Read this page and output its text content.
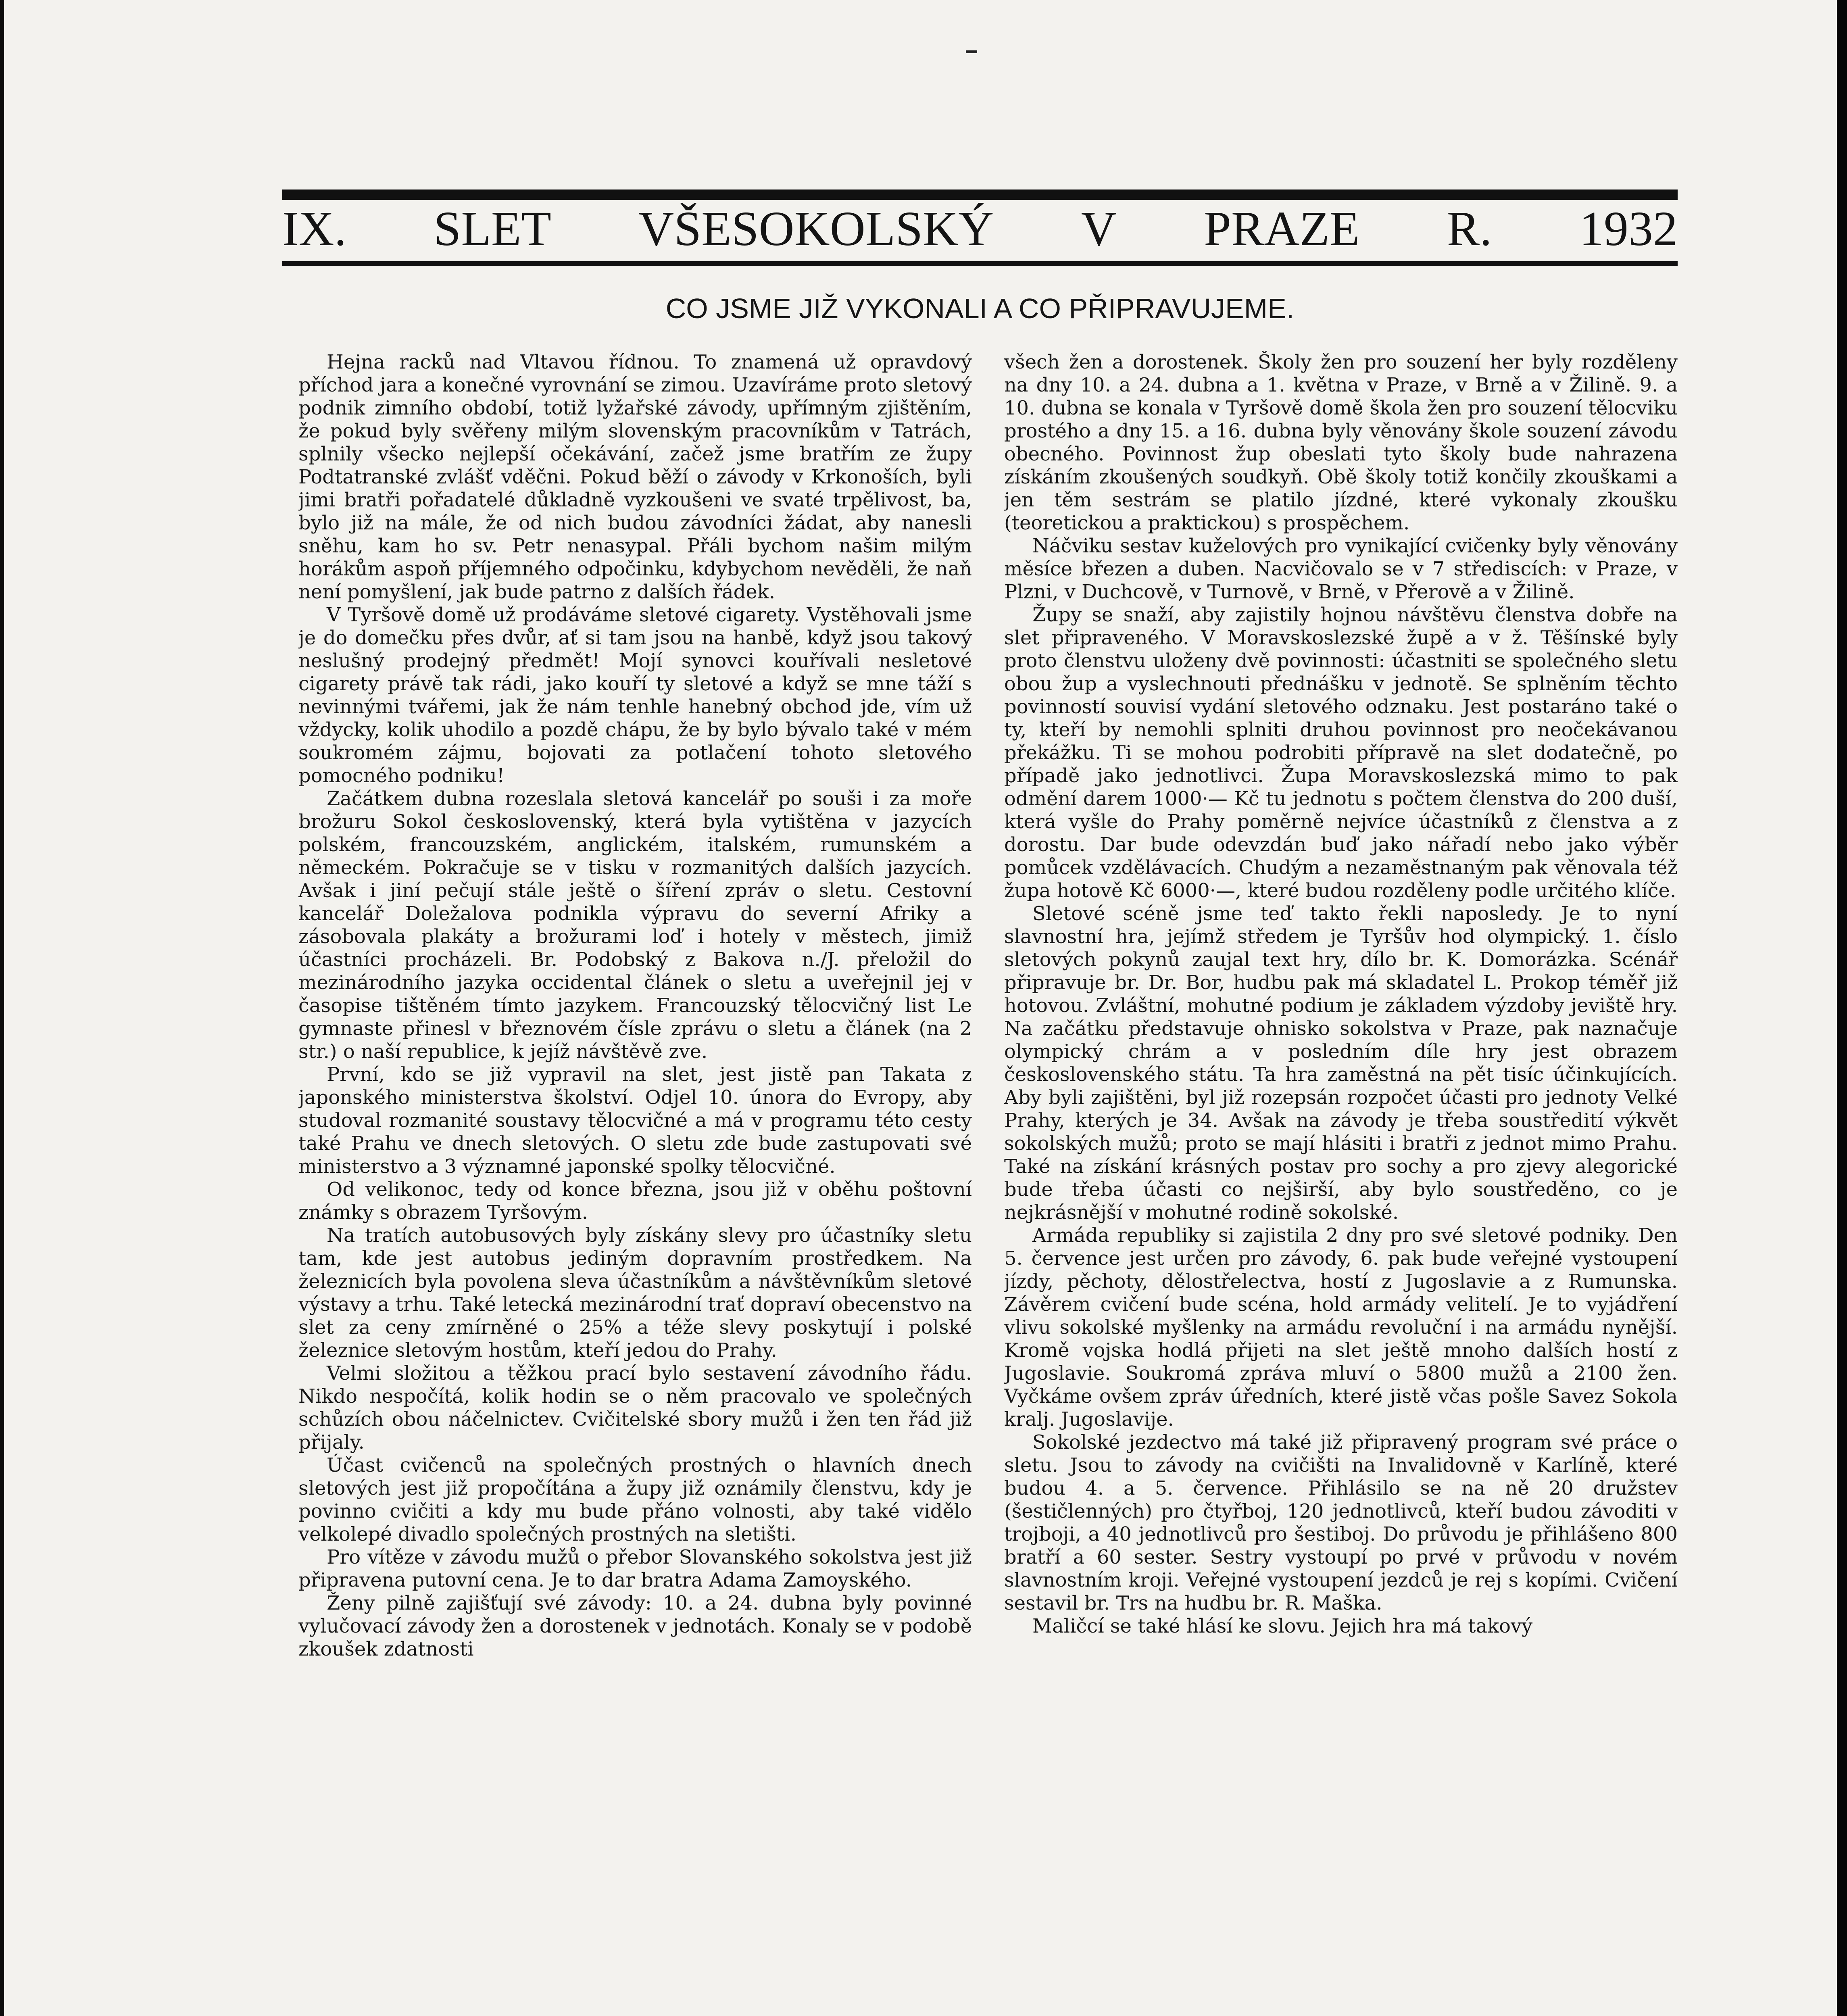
IX. SLET VŠESOKOLSKÝ V PRAZE R. 1932
CO JSME JIŽ VYKONALI A CO PŘIPRAVUJEME.

Hejna racků nad Vltavou řídnou. To znamená už opravdový příchod jara a konečné vyrovnání se zimou. Uzavíráme proto sletový podnik zimního období, totiž lyžařské závody, upřímným zjištěním, že pokud byly svěřeny milým slovenským pracovníkům v Tatrách, splnily všecko nejlepší očekávání, začež jsme bratřím ze župy Podtatranské zvlášť vděčni. Pokud běží o závody v Krkonoších, byli jimi bratři pořadatelé důkladně vyzkoušeni ve svaté trpělivost, ba, bylo již na mále, že od nich budou závodníci žádat, aby nanesli sněhu, kam ho sv. Petr nenasypal. Přáli bychom našim milým horákům aspoň příjemného odpočinku, kdybychom nevěděli, že naň není pomyšlení, jak bude patrno z dalších řádek.

V Tyršově domě už prodáváme sletové cigarety. Vystěhovali jsme je do domečku přes dvůr, ať si tam jsou na hanbě, když jsou takový neslušný prodejný předmět! Mojí synovci kouřívali nesletové cigarety právě tak rádi, jako kouří ty sletové a když se mne táží s nevinnými tvářemi, jak že nám tenhle hanebný obchod jde, vím už vždycky, kolik uhodilo a pozdě chápu, že by bylo bývalo také v mém soukromém zájmu, bojovati za potlačení tohoto sletového pomocného podniku!

Začátkem dubna rozeslala sletová kancelář po souši i za moře brožuru Sokol československý, která byla vytištěna v jazycích polském, francouzském, anglickém, italském, rumunském a německém. Pokračuje se v tisku v rozmanitých dalších jazycích. Avšak i jiní pečují stále ještě o šíření zpráv o sletu. Cestovní kancelář Doležalova podnikla výpravu do severní Afriky a zásobovala plakáty a brožurami loď i hotely v městech, jimiž účastníci procházeli. Br. Podobský z Bakova n./J. přeložil do mezinárodního jazyka occidental článek o sletu a uveřejnil jej v časopise tištěném tímto jazykem. Francouzský tělocvičný list Le gymnaste přinesl v březnovém čísle zprávu o sletu a článek (na 2 str.) o naší republice, k jejíž návštěvě zve.

První, kdo se již vypravil na slet, jest jistě pan Takata z japonského ministerstva školství. Odjel 10. února do Evropy, aby studoval rozmanité soustavy tělocvičné a má v programu této cesty také Prahu ve dnech sletových. O sletu zde bude zastupovati své ministerstvo a 3 významné japonské spolky tělocvičné.

Od velikonoc, tedy od konce března, jsou již v oběhu poštovní známky s obrazem Tyršovým.

Na tratích autobusových byly získány slevy pro účastníky sletu tam, kde jest autobus jediným dopravním prostředkem. Na železnicích byla povolena sleva účastníkům a návštěvníkům sletové výstavy a trhu. Také letecká mezinárodní trať dopraví obecenstvo na slet za ceny zmírněné o 25% a téže slevy poskytují i polské železnice sletovým hostům, kteří jedou do Prahy.

Velmi složitou a těžkou prací bylo sestavení závodního řádu. Nikdo nespočítá, kolik hodin se o něm pracovalo ve společných schůzích obou náčelnictev. Cvičitelské sbory mužů i žen ten řád již přijaly.

Účast cvičenců na společných prostných o hlavních dnech sletových jest již propočítána a župy již oznámily členstvu, kdy je povinno cvičiti a kdy mu bude přáno volnosti, aby také vidělo velkolepé divadlo společných prostných na sletišti.

Pro vítěze v závodu mužů o přebor Slovanského sokolstva jest již připravena putovní cena. Je to dar bratra Adama Zamoyského.

Ženy pilně zajišťují své závody: 10. a 24. dubna byly povinné vylučovací závody žen a dorostenek v jednotách. Konaly se v podobě zkoušek zdatnosti

všech žen a dorostenek. Školy žen pro souzení her byly rozděleny na dny 10. a 24. dubna a 1. května v Praze, v Brně a v Žilině. 9. a 10. dubna se konala v Tyršově domě škola žen pro souzení tělocviku prostého a dny 15. a 16. dubna byly věnovány škole souzení závodu obecného. Povinnost žup obeslati tyto školy bude nahrazena získáním zkoušených soudkyň. Obě školy totiž končily zkouškami a jen těm sestrám se platilo jízdné, které vykonaly zkoušku (teoretickou a praktickou) s prospěchem.

Náčviku sestav kuželových pro vynikající cvičenky byly věnovány měsíce březen a duben. Nacvičovalo se v 7 střediscích: v Praze, v Plzni, v Duchcově, v Turnově, v Brně, v Přerově a v Žilině.

Župy se snaží, aby zajistily hojnou návštěvu členstva dobře na slet připraveného. V Moravskoslezské župě a v ž. Těšínské byly proto členstvu uloženy dvě povinnosti: účastniti se společného sletu obou žup a vyslechnouti přednášku v jednotě. Se splněním těchto povinností souvisí vydání sletového odznaku. Jest postaráno také o ty, kteří by nemohli splniti druhou povinnost pro neočekávanou překážku. Ti se mohou podrobiti přípravě na slet dodatečně, po případě jako jednotlivci. Župa Moravskoslezská mimo to pak odmění darem 1000·— Kč tu jednotu s počtem členstva do 200 duší, která vyšle do Prahy poměrně nejvíce účastníků z členstva a z dorostu. Dar bude odevzdán buď jako nářadí nebo jako výběr pomůcek vzdělávacích. Chudým a nezaměstnaným pak věnovala též župa hotově Kč 6000·—, které budou rozděleny podle určitého klíče.

Sletové scéně jsme teď takto řekli naposledy. Je to nyní slavnostní hra, jejímž středem je Tyršův hod olympický. 1. číslo sletových pokynů zaujal text hry, dílo br. K. Domorázka. Scénář připravuje br. Dr. Bor, hudbu pak má skladatel L. Prokop téměř již hotovou. Zvláštní, mohutné podium je základem výzdoby jeviště hry. Na začátku představuje ohnisko sokolstva v Praze, pak naznačuje olympický chrám a v posledním díle hry jest obrazem československého státu. Ta hra zaměstná na pět tisíc účinkujících. Aby byli zajištěni, byl již rozepsán rozpočet účasti pro jednoty Velké Prahy, kterých je 34. Avšak na závody je třeba soustředití výkvět sokolských mužů; proto se mají hlásiti i bratři z jednot mimo Prahu. Také na získání krásných postav pro sochy a pro zjevy alegorické bude třeba účasti co nejširší, aby bylo soustředěno, co je nejkrásnější v mohutné rodině sokolské.

Armáda republiky si zajistila 2 dny pro své sletové podniky. Den 5. července jest určen pro závody, 6. pak bude veřejné vystoupení jízdy, pěchoty, dělostřelectva, hostí z Jugoslavie a z Rumunska. Závěrem cvičení bude scéna, hold armády velitelí. Je to vyjádření vlivu sokolské myšlenky na armádu revoluční i na armádu nynější. Kromě vojska hodlá přijeti na slet ještě mnoho dalších hostí z Jugoslavie. Soukromá zpráva mluví o 5800 mužů a 2100 žen. Vyčkáme ovšem zpráv úředních, které jistě včas pošle Savez Sokola kralj. Jugoslavije.

Sokolské jezdectvo má také již připravený program své práce o sletu. Jsou to závody na cvičišti na Invalidovně v Karlíně, které budou 4. a 5. července. Přihlásilo se na ně 20 družstev (šestičlenných) pro čtyřboj, 120 jednotlivců, kteří budou závoditi v trojboji, a 40 jednotlivců pro šestiboj. Do průvodu je přihlášeno 800 bratří a 60 sester. Sestry vystoupí po prvé v průvodu v novém slavnostním kroji. Veřejné vystoupení jezdců je rej s kopími. Cvičení sestavil br. Trs na hudbu br. R. Maška.

Maličcí se také hlásí ke slovu. Jejich hra má takový
